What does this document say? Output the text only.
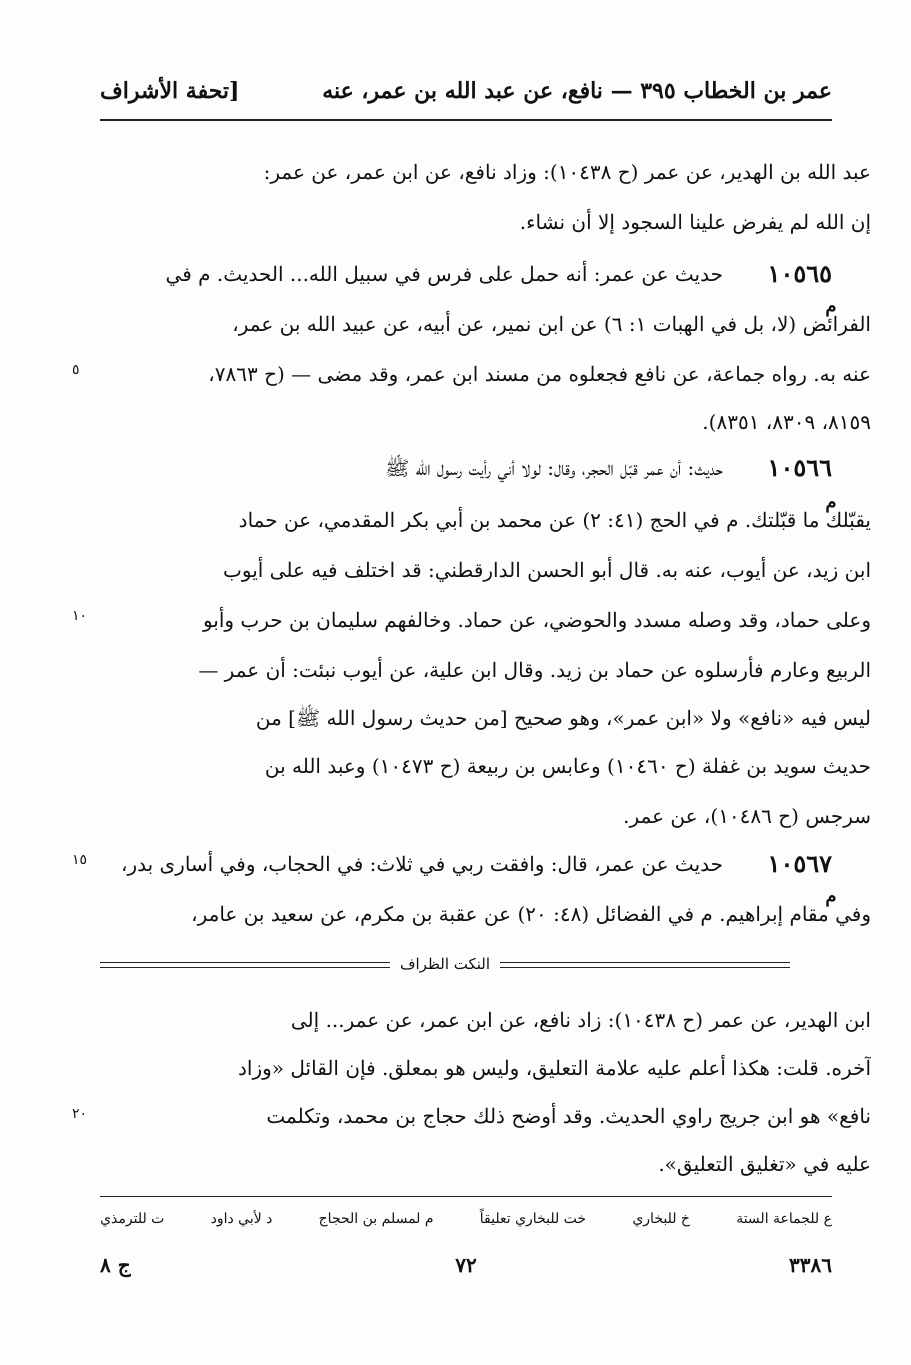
عمر بن الخطاب ٣٩٥ — نافع، عن عبد الله بن عمر، عنه
[تحفة الأشراف
عبد الله بن الهدير، عن عمر (ح ١٠٤٣٨): وزاد نافع، عن ابن عمر، عن عمر:
إن الله لم يفرض علينا السجود إلا أن نشاء.
١٠٥٦٥
حديث عن عمر: أنه حمل على فرس في سبيل الله... الحديث. م في
م
الفرائض (لا، بل في الهبات ١: ٦) عن ابن نمير، عن أبيه، عن عبيد الله بن عمر،
عنه به. رواه جماعة، عن نافع فجعلوه من مسند ابن عمر، وقد مضى — (ح ٧٨٦٣،
٥
٨١٥٩، ٨٣٠٩، ٨٣٥١).
١٠٥٦٦
حديث: أن عمر قبّل الحجر، وقال: لولا أني رأيت رسول الله ﷺ
م
يقبّلك ما قبّلتك. م في الحج (٤١: ٢) عن محمد بن أبي بكر المقدمي، عن حماد
ابن زيد، عن أيوب، عنه به. قال أبو الحسن الدارقطني: قد اختلف فيه على أيوب
وعلى حماد، وقد وصله مسدد والحوضي، عن حماد. وخالفهم سليمان بن حرب وأبو
١٠
الربيع وعارم فأرسلوه عن حماد بن زيد. وقال ابن علية، عن أيوب نبئت: أن عمر —
ليس فيه «نافع» ولا «ابن عمر»، وهو صحيح [من حديث رسول الله ﷺ] من
حديث سويد بن غفلة (ح ١٠٤٦٠) وعابس بن ربيعة (ح ١٠٤٧٣) وعبد الله بن
سرجس (ح ١٠٤٨٦)، عن عمر.
١٠٥٦٧
حديث عن عمر، قال: وافقت ربي في ثلاث: في الحجاب، وفي أسارى بدر،
١٥
م
وفي مقام إبراهيم. م في الفضائل (٤٨: ٢٠) عن عقبة بن مكرم، عن سعيد بن عامر،
النكت الظراف
ابن الهدير، عن عمر (ح ١٠٤٣٨): زاد نافع، عن ابن عمر، عن عمر... إلى
آخره. قلت: هكذا أعلم عليه علامة التعليق، وليس هو بمعلق. فإن القائل «وزاد
نافع» هو ابن جريج راوي الحديث. وقد أوضح ذلك حجاج بن محمد، وتكلمت
٢٠
عليه في «تغليق التعليق».
ع للجماعة الستة
خ للبخاري
خت للبخاري تعليقاً
م لمسلم بن الحجاج
د لأبي داود
ت للترمذي
٣٣٨٦
٧٢
ج ٨
